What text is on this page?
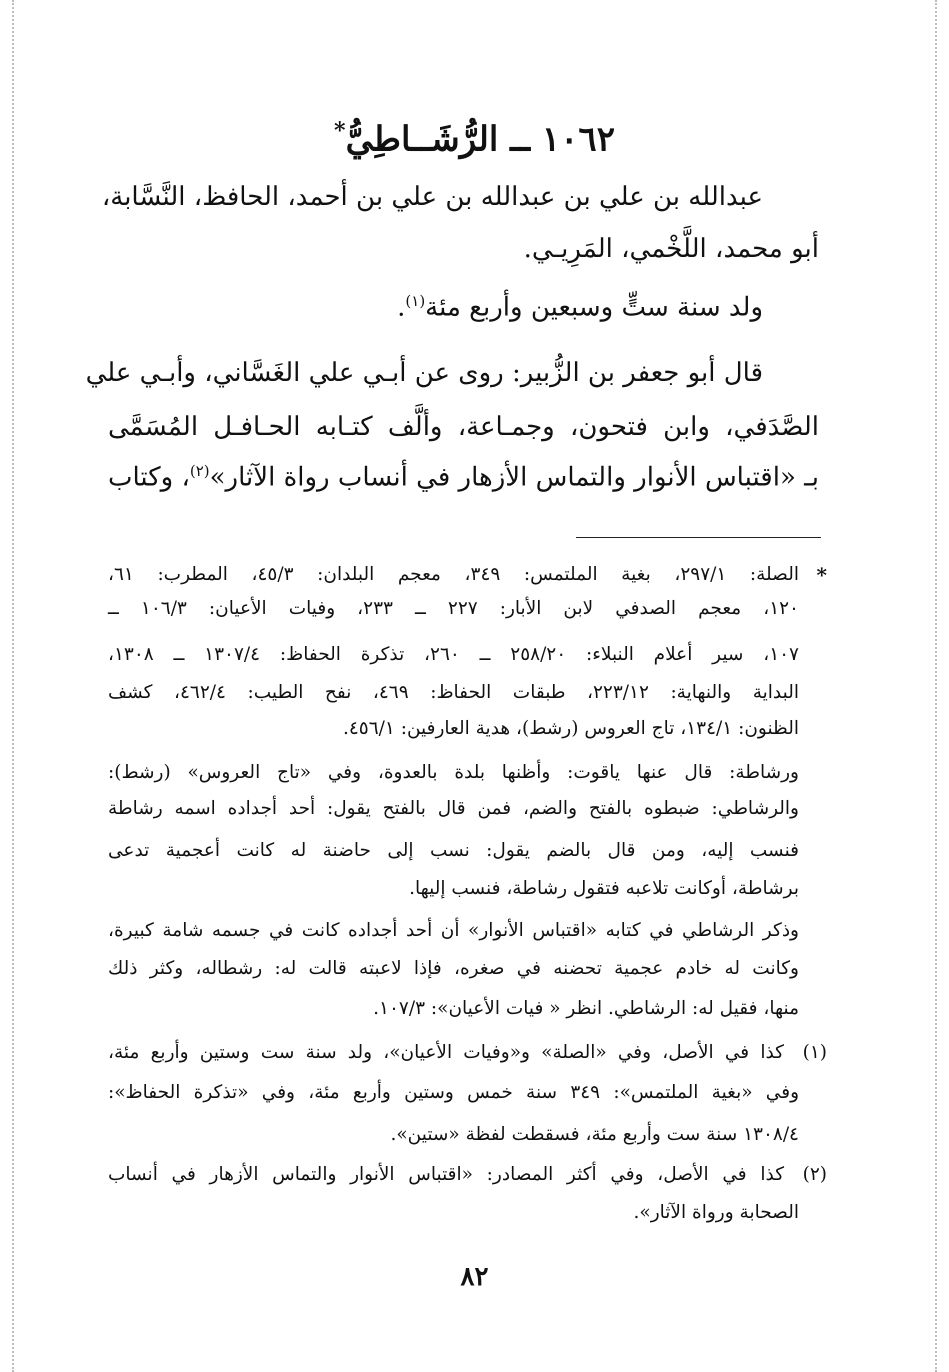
١٠٦٢ ــ الرُّشَــاطِيُّ*
عبدالله بن علي بن عبدالله بن علي بن أحمد، الحافظ، النَّسَّابة،
أبو محمد، اللَّخْمي، المَرِيـي.
ولد سنة ستٍّ وسبعين وأربع مئة$^{(١)}$.
قال أبو جعفر بن الزُّبير: روى عن أبـي علي الغَسَّاني، وأبـي علي
الصَّدَفي، وابن فتحون، وجمـاعة، وألَّف كتـابه الحـافـل المُسَمَّى
بـ «اقتباس الأنوار والتماس الأزهار في أنساب رواة الآثار»$^{(٢)}$، وكتاب
*
الصلة: ٢٩٧/١، بغية الملتمس: ٣٤٩، معجم البلدان: ٤٥/٣، المطرب: ٦١،
١٢٠، معجم الصدفي لابن الأبار: ٢٢٧ ــ ٢٣٣، وفيات الأعيان: ١٠٦/٣ ــ
١٠٧، سير أعلام النبلاء: ٢٥٨/٢٠ ــ ٢٦٠، تذكرة الحفاظ: ١٣٠٧/٤ ــ ١٣٠٨،
البداية والنهاية: ٢٢٣/١٢، طبقات الحفاظ: ٤٦٩، نفح الطيب: ٤٦٢/٤، كشف
الظنون: ١٣٤/١، تاج العروس (رشط)، هدية العارفين: ٤٥٦/١.
ورشاطة: قال عنها ياقوت: وأظنها بلدة بالعدوة، وفي «تاج العروس» (رشط):
والرشاطي: ضبطوه بالفتح والضم، فمن قال بالفتح يقول: أحد أجداده اسمه رشاطة
فنسب إليه، ومن قال بالضم يقول: نسب إلى حاضنة له كانت أعجمية تدعى
برشاطة، أوكانت تلاعبه فتقول رشاطة، فنسب إليها.
وذكر الرشاطي في كتابه «اقتباس الأنوار» أن أحد أجداده كانت في جسمه شامة كبيرة،
وكانت له خادم عجمية تحضنه في صغره، فإذا لاعبته قالت له: رشطاله، وكثر ذلك
منها، فقيل له: الرشاطي. انظر « فيات الأعيان»: ١٠٧/٣.
(١)
كذا في الأصل، وفي «الصلة» و«وفيات الأعيان»، ولد سنة ست وستين وأربع مئة،
وفي «بغية الملتمس»: ٣٤٩ سنة خمس وستين وأربع مئة، وفي «تذكرة الحفاظ»:
١٣٠٨/٤ سنة ست وأربع مئة، فسقطت لفظة «ستين».
(٢)
كذا في الأصل، وفي أكثر المصادر: «اقتباس الأنوار والتماس الأزهار في أنساب
الصحابة ورواة الآثار».
٨٢
